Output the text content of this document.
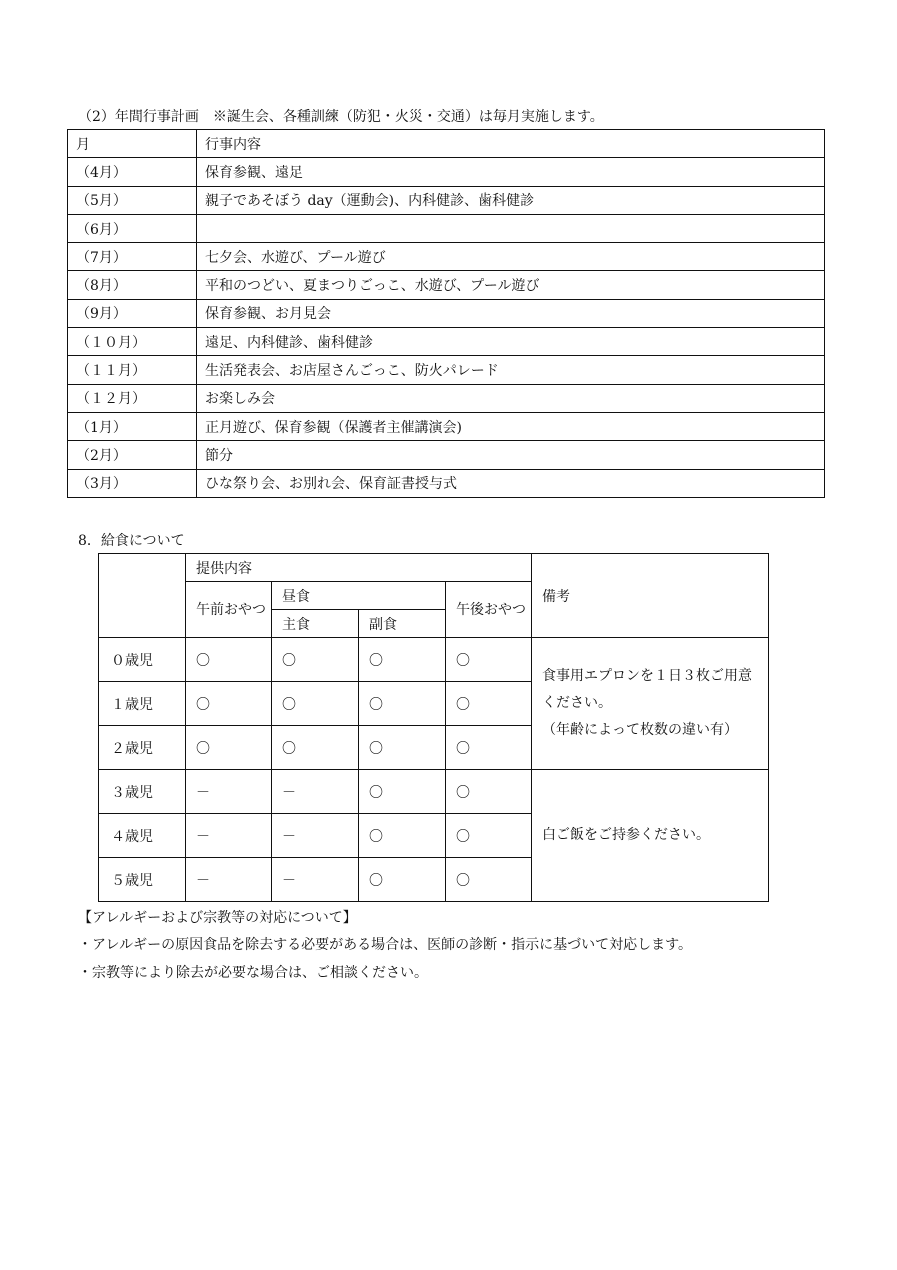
（2）年間行事計画　※誕生会、各種訓練（防犯・火災・交通）は毎月実施します。
月	行事内容
（4月）	保育参観、遠足
（5月）	親子であそぼう day（運動会)、内科健診、歯科健診
（6月）	
（7月）	七夕会、水遊び、プール遊び
（8月）	平和のつどい、夏まつりごっこ、水遊び、プール遊び
（9月）	保育参観、お月見会
（１０月）	遠足、内科健診、歯科健診
（１１月）	生活発表会、お店屋さんごっこ、防火パレード
（１２月）	お楽しみ会
（1月）	正月遊び、保育参観（保護者主催講演会)
（2月）	節分
（3月）	ひな祭り会、お別れ会、保育証書授与式
8．給食について
	提供内容				備考
	午前おやつ	昼食		午後おやつ	
		主食	副食		
０歳児	〇	〇	〇	〇	食事用エプロンを１日３枚ご用意ください。
（年齢によって枚数の違い有）

１歳児	〇	〇	〇	〇	
２歳児	〇	〇	〇	〇	
３歳児	－	－	〇	〇	白ご飯をご持参ください。
４歳児	－	－	〇	〇	
５歳児	－	－	〇	〇	
【アレルギーおよび宗教等の対応について】
・アレルギーの原因食品を除去する必要がある場合は、医師の診断・指示に基づいて対応します。
・宗教等により除去が必要な場合は、ご相談ください。
